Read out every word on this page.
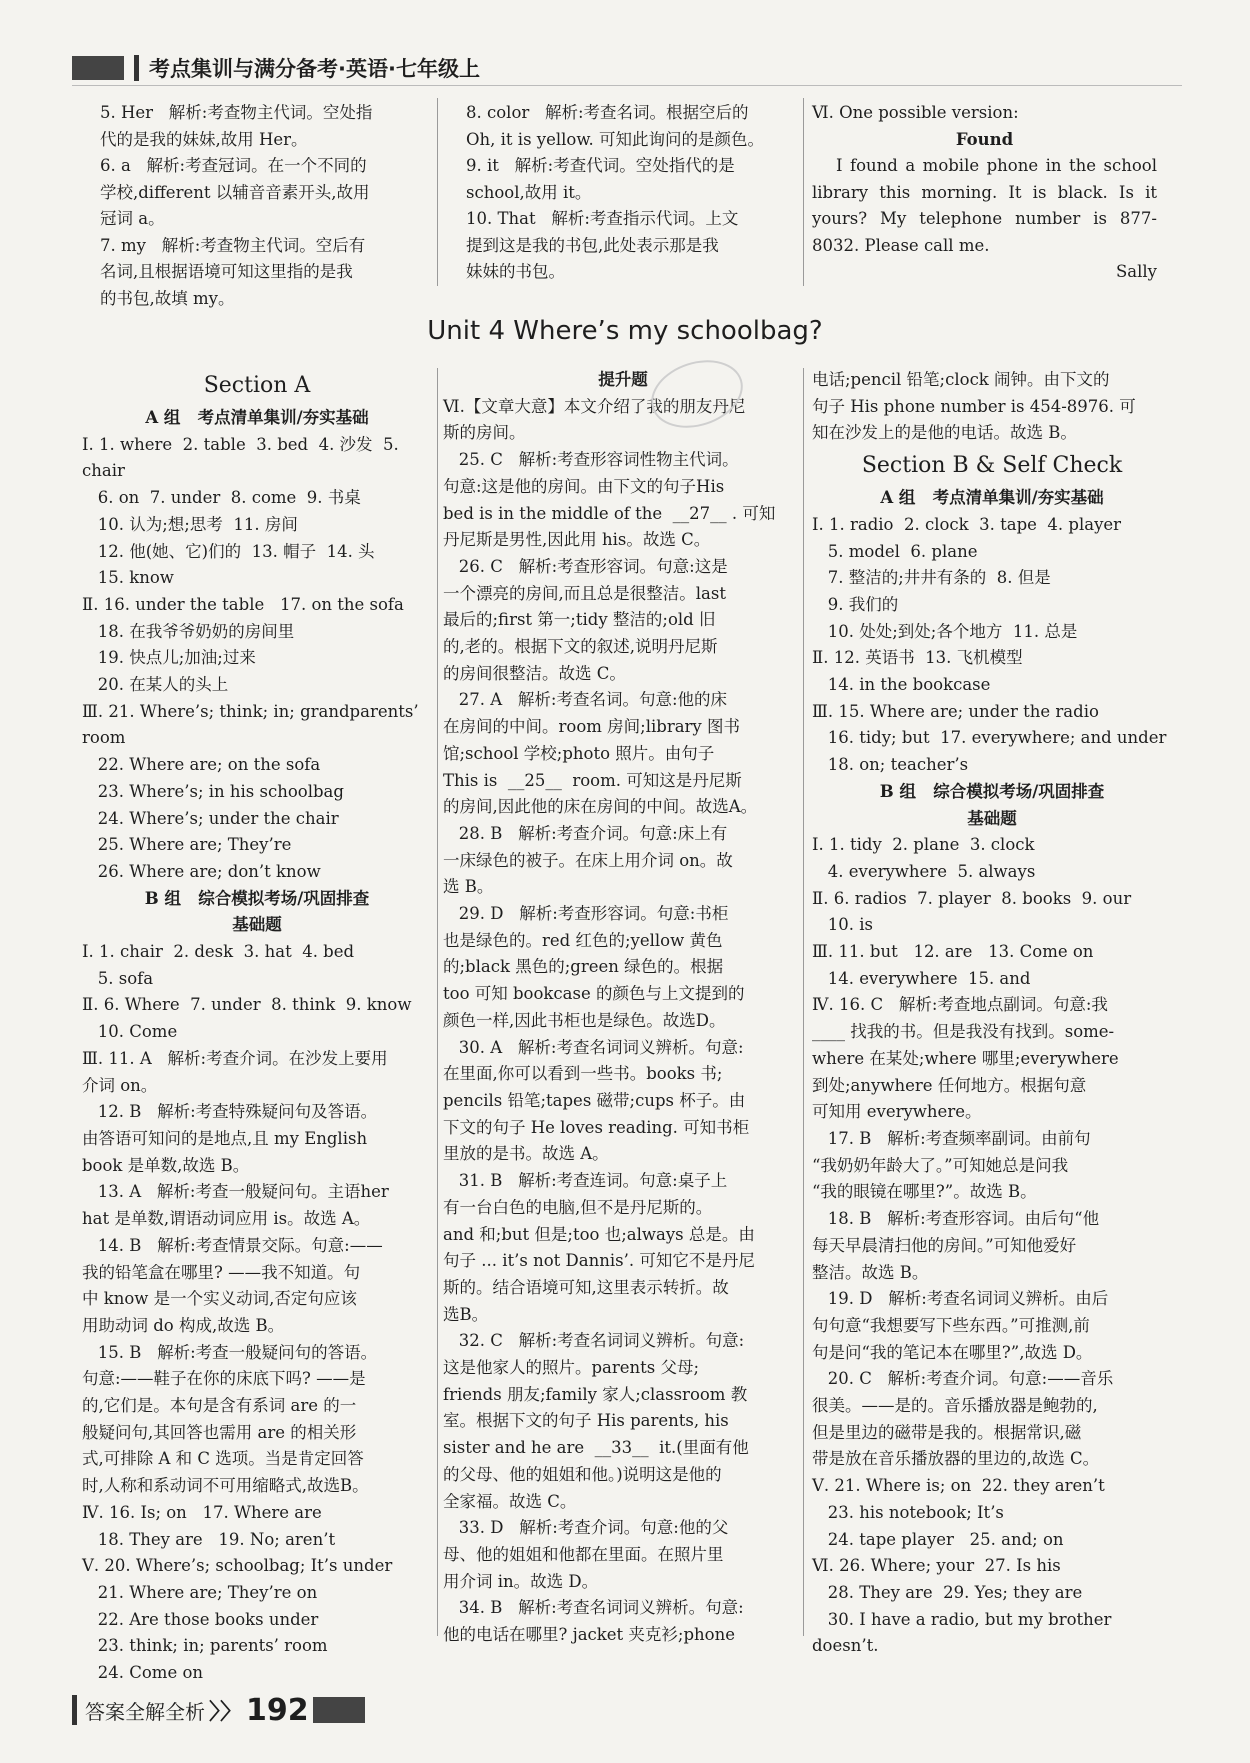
考点集训与满分备考·英语·七年级上

5. Her   解析:考查物主代词。空处指

代的是我的妹妹,故用 Her。

6. a   解析:考查冠词。在一个不同的

学校,different 以辅音音素开头,故用

冠词 a。

7. my   解析:考查物主代词。空后有

名词,且根据语境可知这里指的是我

的书包,故填 my。

8. color   解析:考查名词。根据空后的

Oh, it is yellow. 可知此询问的是颜色。

9. it   解析:考查代词。空处指代的是

school,故用 it。

10. That   解析:考查指示代词。上文

提到这是我的书包,此处表示那是我

妹妹的书包。

Ⅵ. One possible version:

Found

I found a mobile phone in the school library this morning. It is black. Is it yours? My telephone number is 877-8032. Please call me.

Sally

Unit 4 Where’s my schoolbag?

Section A

A 组   考点清单集训/夯实基础

Ⅰ. 1. where  2. table  3. bed  4. 沙发  5. chair

6. on  7. under  8. come  9. 书桌

10. 认为;想;思考  11. 房间

12. 他(她、它)们的  13. 帽子  14. 头

15. know

Ⅱ. 16. under the table   17. on the sofa

18. 在我爷爷奶奶的房间里

19. 快点儿;加油;过来

20. 在某人的头上

Ⅲ. 21. Where’s; think; in; grandparents’ room

22. Where are; on the sofa

23. Where’s; in his schoolbag

24. Where’s; under the chair

25. Where are; They’re

26. Where are; don’t know

B 组   综合模拟考场/巩固排查

基础题

Ⅰ. 1. chair  2. desk  3. hat  4. bed

5. sofa

Ⅱ. 6. Where  7. under  8. think  9. know

10. Come

Ⅲ. 11. A   解析:考查介词。在沙发上要用

介词 on。

12. B   解析:考查特殊疑问句及答语。

由答语可知问的是地点,且 my English

book 是单数,故选 B。

13. A   解析:考查一般疑问句。主语her

hat 是单数,谓语动词应用 is。故选 A。

14. B   解析:考查情景交际。句意:——

我的铅笔盒在哪里? ——我不知道。句

中 know 是一个实义动词,否定句应该

用助动词 do 构成,故选 B。

15. B   解析:考查一般疑问句的答语。

句意:——鞋子在你的床底下吗? ——是

的,它们是。本句是含有系词 are 的一

般疑问句,其回答也需用 are 的相关形

式,可排除 A 和 C 选项。当是肯定回答

时,人称和系动词不可用缩略式,故选B。

Ⅳ. 16. Is; on   17. Where are

18. They are   19. No; aren’t

Ⅴ. 20. Where’s; schoolbag; It’s under

21. Where are; They’re on

22. Are those books under

23. think; in; parents’ room

24. Come on

提升题

Ⅵ.【文章大意】本文介绍了我的朋友丹尼

斯的房间。

25. C   解析:考查形容词性物主代词。

句意:这是他的房间。由下文的句子His

bed is in the middle of the  __27__ . 可知

丹尼斯是男性,因此用 his。故选 C。

26. C   解析:考查形容词。句意:这是

一个漂亮的房间,而且总是很整洁。last

最后的;first 第一;tidy 整洁的;old 旧

的,老的。根据下文的叙述,说明丹尼斯

的房间很整洁。故选 C。

27. A   解析:考查名词。句意:他的床

在房间的中间。room 房间;library 图书

馆;school 学校;photo 照片。由句子

This is  __25__  room. 可知这是丹尼斯

的房间,因此他的床在房间的中间。故选A。

28. B   解析:考查介词。句意:床上有

一床绿色的被子。在床上用介词 on。故

选 B。

29. D   解析:考查形容词。句意:书柜

也是绿色的。red 红色的;yellow 黄色

的;black 黑色的;green 绿色的。根据

too 可知 bookcase 的颜色与上文提到的

颜色一样,因此书柜也是绿色。故选D。

30. A   解析:考查名词词义辨析。句意:

在里面,你可以看到一些书。books 书;

pencils 铅笔;tapes 磁带;cups 杯子。由

下文的句子 He loves reading. 可知书柜

里放的是书。故选 A。

31. B   解析:考查连词。句意:桌子上

有一台白色的电脑,但不是丹尼斯的。

and 和;but 但是;too 也;always 总是。由

句子 ... it’s not Dannis’. 可知它不是丹尼

斯的。结合语境可知,这里表示转折。故

选B。

32. C   解析:考查名词词义辨析。句意:

这是他家人的照片。parents 父母;

friends 朋友;family 家人;classroom 教

室。根据下文的句子 His parents, his

sister and he are  __33__  it.(里面有他

的父母、他的姐姐和他。)说明这是他的

全家福。故选 C。

33. D   解析:考查介词。句意:他的父

母、他的姐姐和他都在里面。在照片里

用介词 in。故选 D。

34. B   解析:考查名词词义辨析。句意:

他的电话在哪里? jacket 夹克衫;phone

电话;pencil 铅笔;clock 闹钟。由下文的

句子 His phone number is 454-8976. 可

知在沙发上的是他的电话。故选 B。

Section B & Self Check

A 组   考点清单集训/夯实基础

Ⅰ. 1. radio  2. clock  3. tape  4. player

5. model  6. plane

7. 整洁的;井井有条的  8. 但是

9. 我们的

10. 处处;到处;各个地方  11. 总是

Ⅱ. 12. 英语书  13. 飞机模型

14. in the bookcase

Ⅲ. 15. Where are; under the radio

16. tidy; but  17. everywhere; and under

18. on; teacher’s

B 组   综合模拟考场/巩固排查

基础题

Ⅰ. 1. tidy  2. plane  3. clock

4. everywhere  5. always

Ⅱ. 6. radios  7. player  8. books  9. our

10. is

Ⅲ. 11. but   12. are   13. Come on

14. everywhere  15. and

Ⅳ. 16. C   解析:考查地点副词。句意:我

____ 找我的书。但是我没有找到。some-

where 在某处;where 哪里;everywhere

到处;anywhere 任何地方。根据句意

可知用 everywhere。

17. B   解析:考查频率副词。由前句

“我奶奶年龄大了。”可知她总是问我

“我的眼镜在哪里?”。故选 B。

18. B   解析:考查形容词。由后句“他

每天早晨清扫他的房间。”可知他爱好

整洁。故选 B。

19. D   解析:考查名词词义辨析。由后

句句意“我想要写下些东西。”可推测,前

句是问“我的笔记本在哪里?”,故选 D。

20. C   解析:考查介词。句意:——音乐

很美。——是的。音乐播放器是鲍勃的,

但是里边的磁带是我的。根据常识,磁

带是放在音乐播放器的里边的,故选 C。

Ⅴ. 21. Where is; on  22. they aren’t

23. his notebook; It’s

24. tape player   25. and; on

Ⅵ. 26. Where; your  27. Is his

28. They are  29. Yes; they are

30. I have a radio, but my brother doesn’t.

答案全解全析 〉〉 192
